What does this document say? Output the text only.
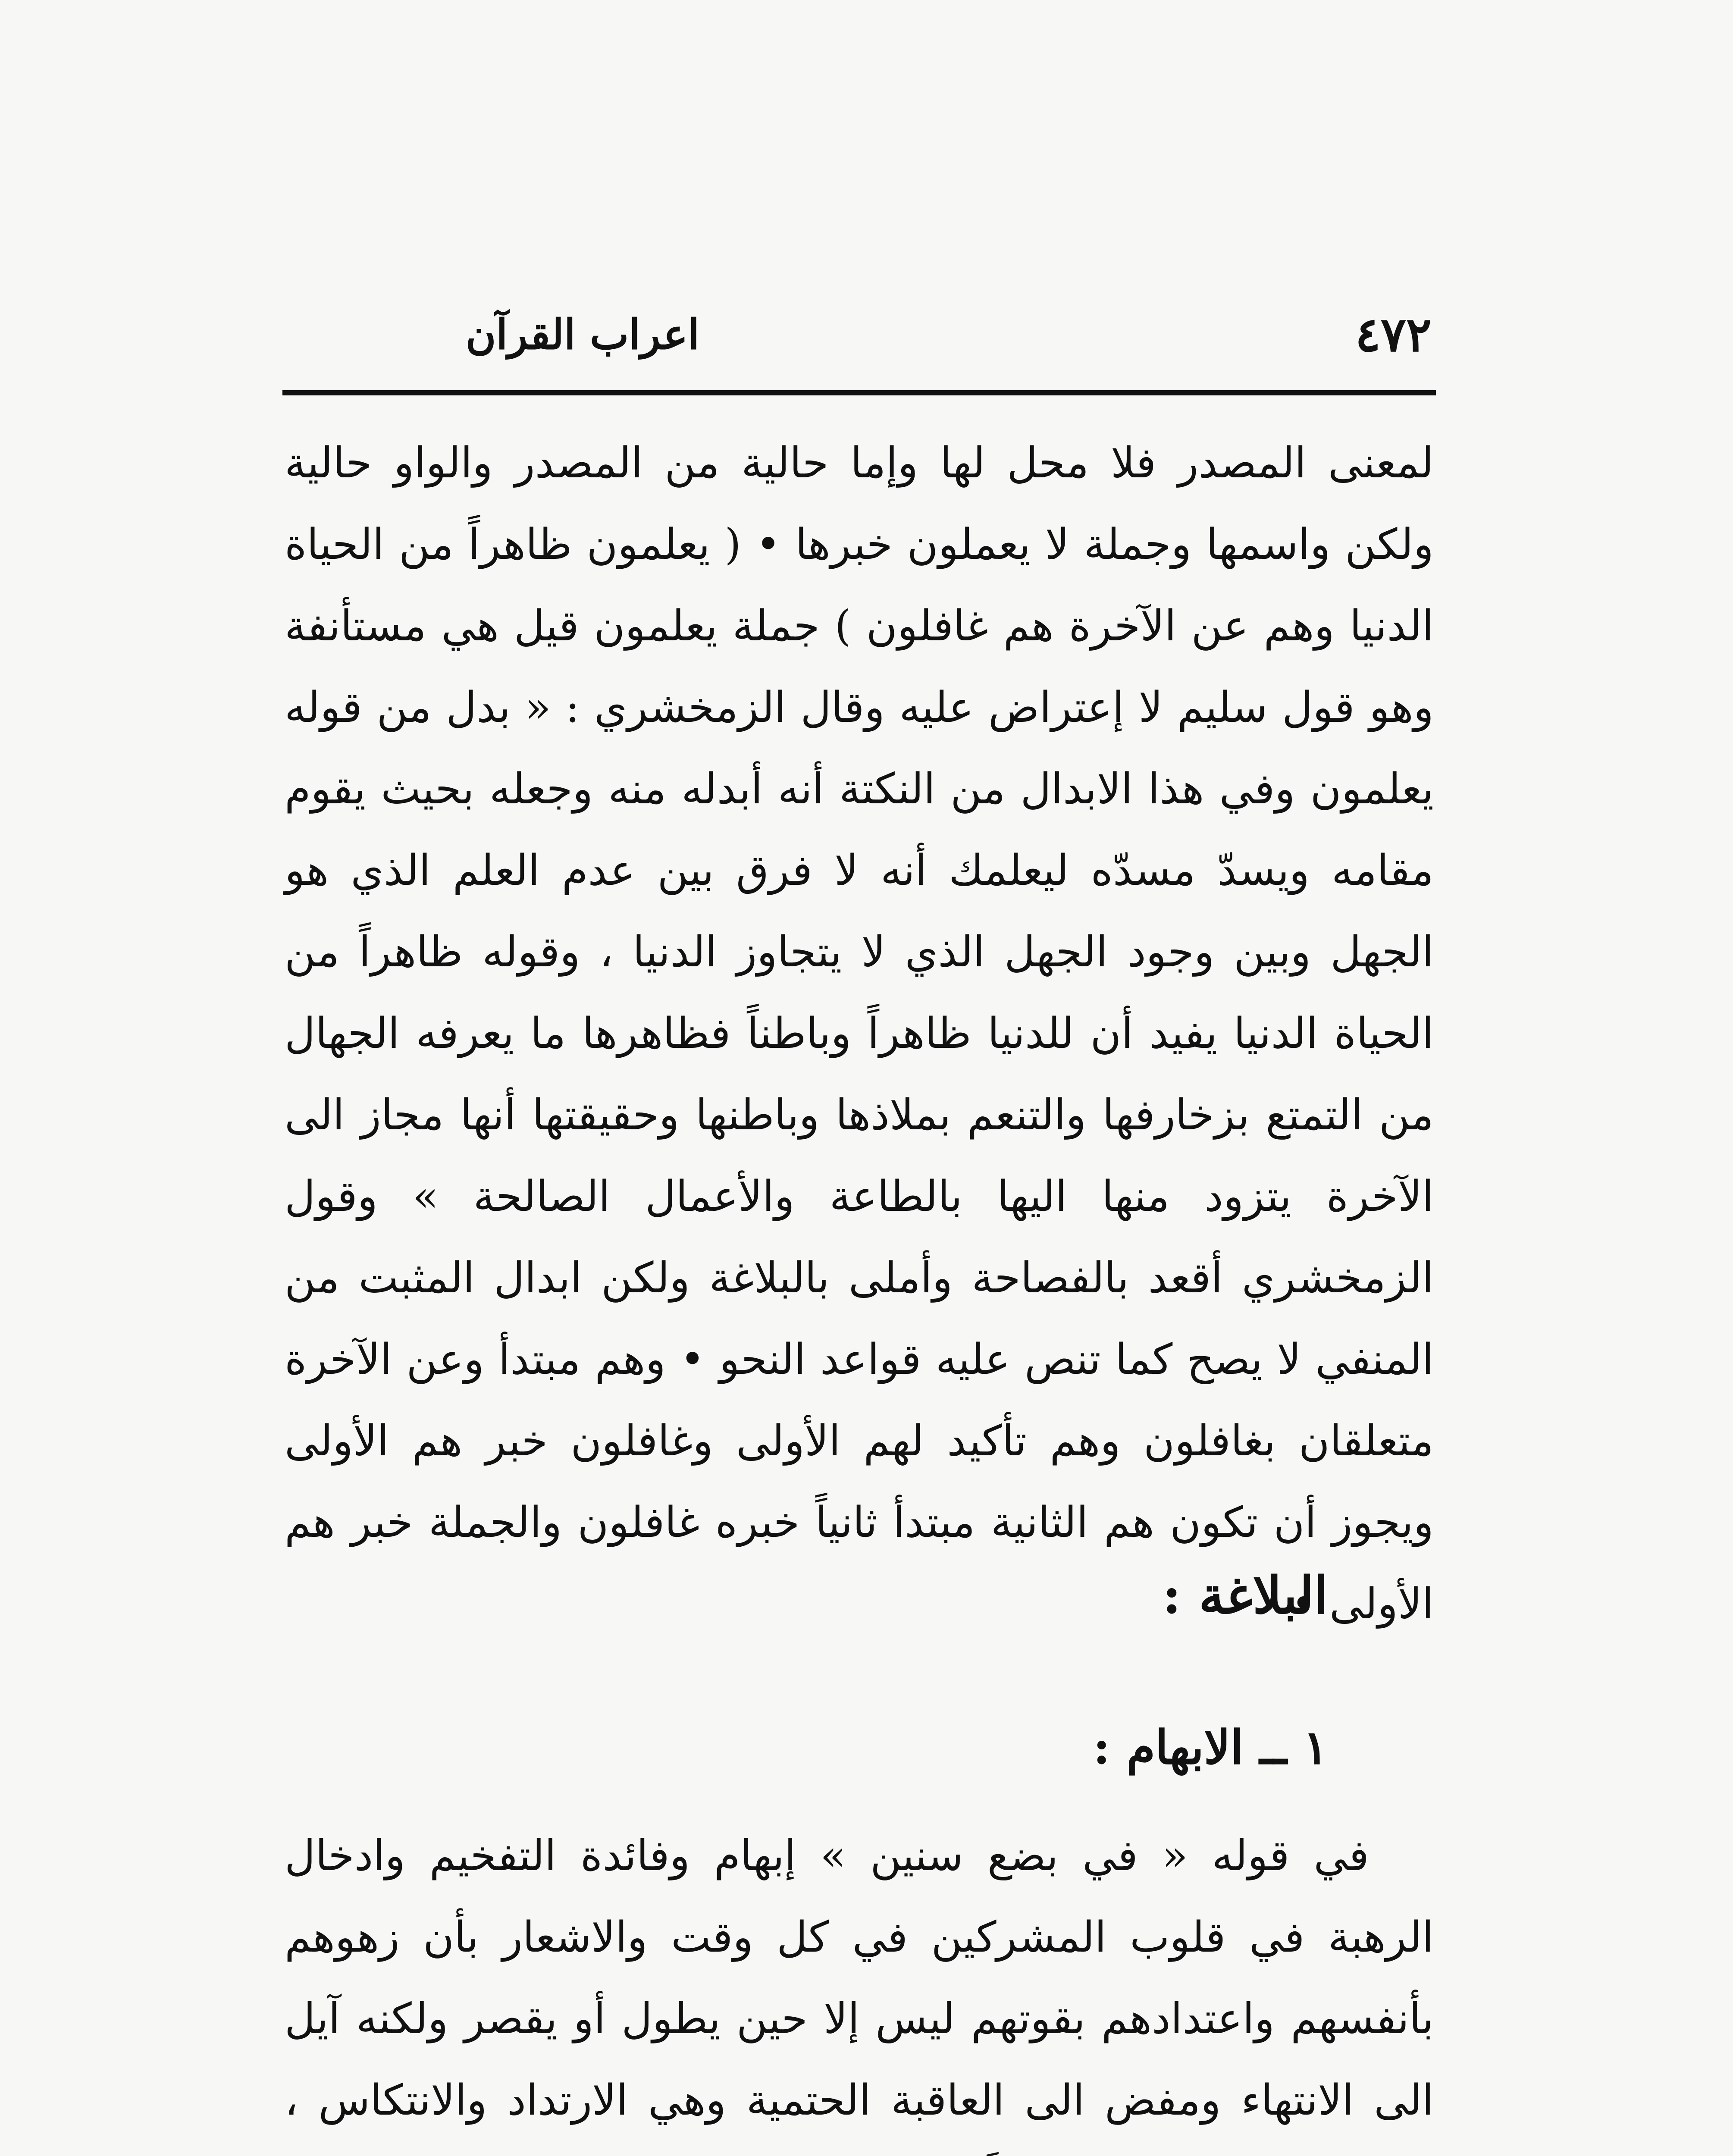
٤٧٢
اعراب القرآن

لمعنى المصدر فلا محل لها وإما حالية من المصدر والواو حالية ولكن واسمها وجملة لا يعملون خبرها • ( يعلمون ظاهراً من الحياة الدنيا وهم عن الآخرة هم غافلون ) جملة يعلمون قيل هي مستأنفة وهو قول سليم لا إعتراض عليه وقال الزمخشري : « بدل من قوله يعلمون وفي هذا الابدال من النكتة أنه أبدله منه وجعله بحيث يقوم مقامه ويسدّ مسدّه ليعلمك أنه لا فرق بين عدم العلم الذي هو الجهل وبين وجود الجهل الذي لا يتجاوز الدنيا ، وقوله ظاهراً من الحياة الدنيا يفيد أن للدنيا ظاهراً وباطناً فظاهرها ما يعرفه الجهال من التمتع بزخارفها والتنعم بملاذها وباطنها وحقيقتها أنها مجاز الى الآخرة يتزود منها اليها بالطاعة والأعمال الصالحة » وقول الزمخشري أقعد بالفصاحة وأملى بالبلاغة ولكن ابدال المثبت من المنفي لا يصح كما تنص عليه قواعد النحو • وهم مبتدأ وعن الآخرة متعلقان بغافلون وهم تأكيد لهم الأولى وغافلون خبر هم الأولى ويجوز أن تكون هم الثانية مبتدأ ثانياً خبره غافلون والجملة خبر هم الأولى •

البلاغة :
١ ــ الابهام :

في قوله « في بضع سنين » إبهام وفائدة التفخيم وادخال الرهبة في قلوب المشركين في كل وقت والاشعار بأن زهوهم بأنفسهم واعتدادهم بقوتهم ليس إلا حين يطول أو يقصر ولكنه آيل الى الانتهاء ومفض الى العاقبة الحتمية وهي الارتداد والانتكاس ،
